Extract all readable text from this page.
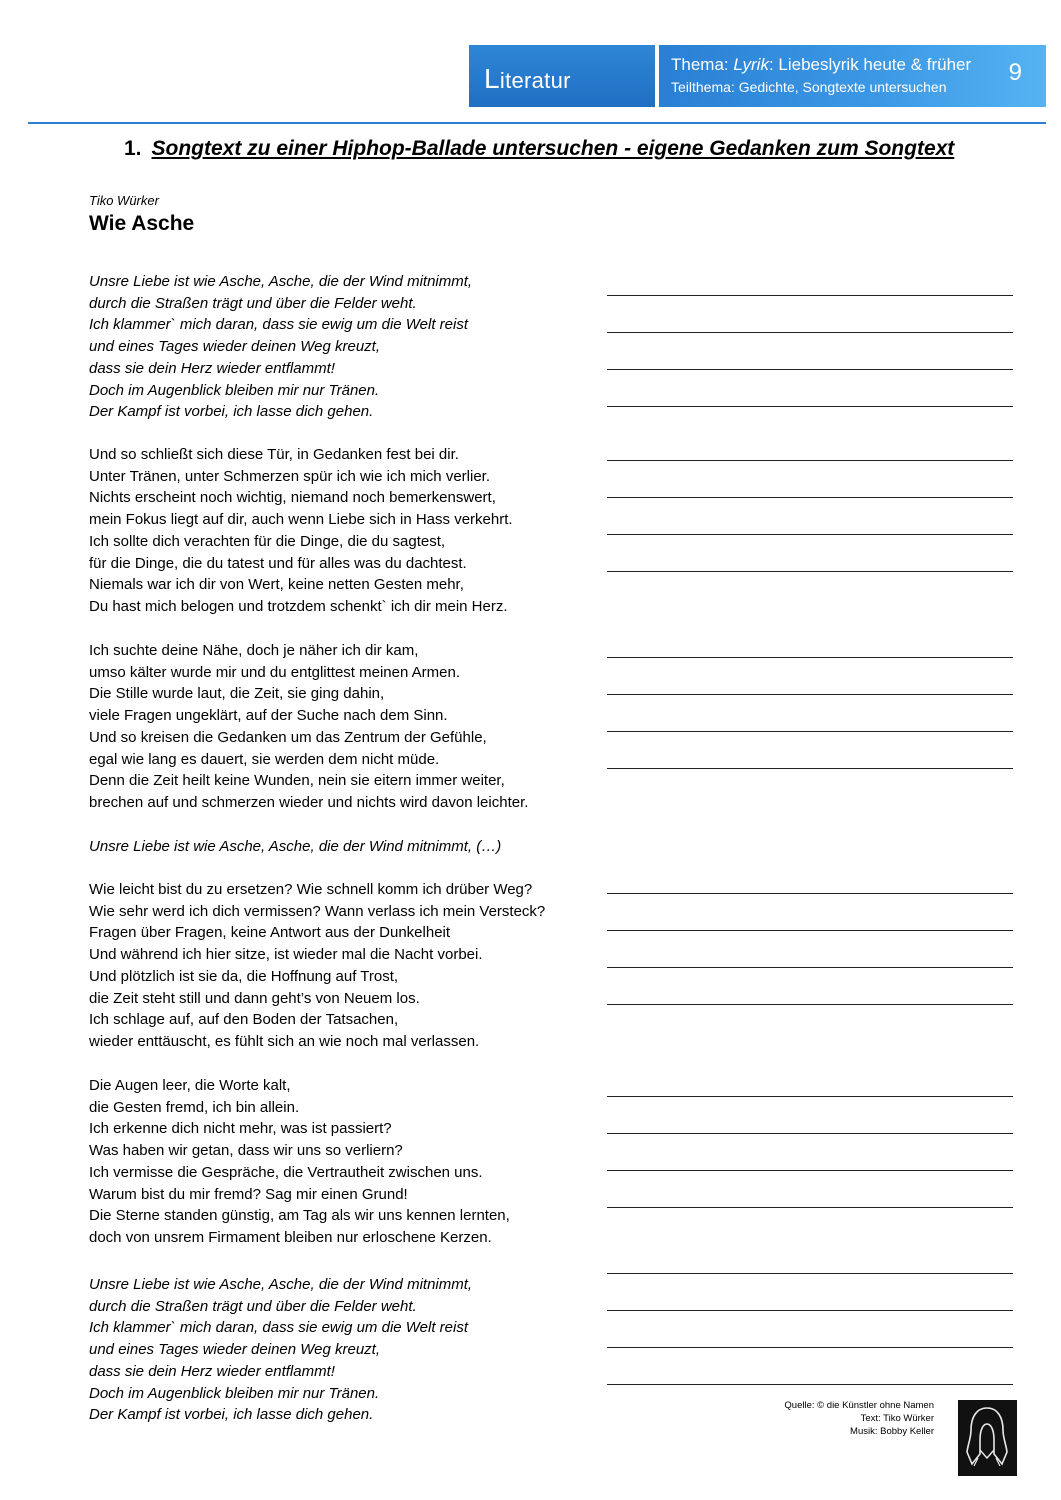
Literatur
Thema: Lyrik: Liebeslyrik heute & früher
Teilthema: Gedichte, Songtexte untersuchen
9
1. Songtext zu einer Hiphop-Ballade untersuchen - eigene Gedanken zum Songtext
Tiko Würker
Wie Asche
Unsre Liebe ist wie Asche, Asche, die der Wind mitnimmt,
durch die Straßen trägt und über die Felder weht.
Ich klammer` mich daran, dass sie ewig um die Welt reist
und eines Tages wieder deinen Weg kreuzt,
dass sie dein Herz wieder entflammt!
Doch im Augenblick bleiben mir nur Tränen.
Der Kampf ist vorbei, ich lasse dich gehen.
Und so schließt sich diese Tür, in Gedanken fest bei dir.
Unter Tränen, unter Schmerzen spür ich wie ich mich verlier.
Nichts erscheint noch wichtig, niemand noch bemerkenswert,
mein Fokus liegt auf dir, auch wenn Liebe sich in Hass verkehrt.
Ich sollte dich verachten für die Dinge, die du sagtest,
für die Dinge, die du tatest und für alles was du dachtest.
Niemals war ich dir von Wert, keine netten Gesten mehr,
Du hast mich belogen und trotzdem schenkt` ich dir mein Herz.
Ich suchte deine Nähe, doch je näher ich dir kam,
umso kälter wurde mir und du entglittest meinen Armen.
Die Stille wurde laut, die Zeit, sie ging dahin,
viele Fragen ungeklärt, auf der Suche nach dem Sinn.
Und so kreisen die Gedanken um das Zentrum der Gefühle,
egal wie lang es dauert, sie werden dem nicht müde.
Denn die Zeit heilt keine Wunden, nein sie eitern immer weiter,
brechen auf und schmerzen wieder und nichts wird davon leichter.
Unsre Liebe ist wie Asche, Asche, die der Wind mitnimmt, (…)
Wie leicht bist du zu ersetzen? Wie schnell komm ich drüber Weg?
Wie sehr werd ich dich vermissen? Wann verlass ich mein Versteck?
Fragen über Fragen, keine Antwort aus der Dunkelheit
Und während ich hier sitze, ist wieder mal die Nacht vorbei.
Und plötzlich ist sie da, die Hoffnung auf Trost,
die Zeit steht still und dann geht’s von Neuem los.
Ich schlage auf, auf den Boden der Tatsachen,
wieder enttäuscht, es fühlt sich an wie noch mal verlassen.
Die Augen leer, die Worte kalt,
die Gesten fremd, ich bin allein.
Ich erkenne dich nicht mehr, was ist passiert?
Was haben wir getan, dass wir uns so verliern?
Ich vermisse die Gespräche, die Vertrautheit zwischen uns.
Warum bist du mir fremd? Sag mir einen Grund!
Die Sterne standen günstig, am Tag als wir uns kennen lernten,
doch von unsrem Firmament bleiben nur erloschene Kerzen.
Unsre Liebe ist wie Asche, Asche, die der Wind mitnimmt,
durch die Straßen trägt und über die Felder weht.
Ich klammer` mich daran, dass sie ewig um die Welt reist
und eines Tages wieder deinen Weg kreuzt,
dass sie dein Herz wieder entflammt!
Doch im Augenblick bleiben mir nur Tränen.
Der Kampf ist vorbei, ich lasse dich gehen.
Quelle: © die Künstler ohne Namen
Text: Tiko Würker
Musik: Bobby Keller
